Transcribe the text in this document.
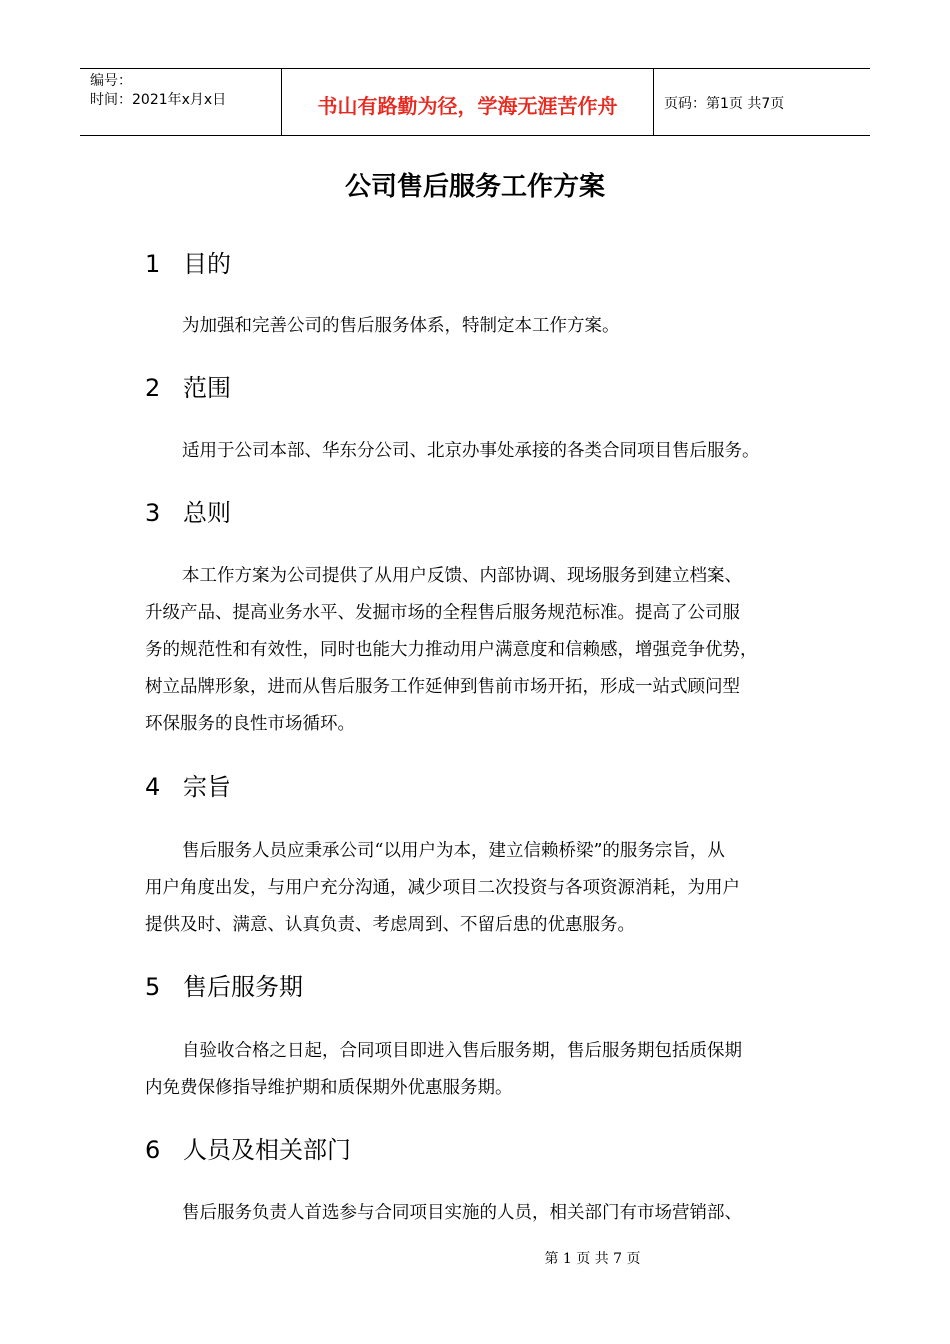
编号：
时间：2021年x月x日	书山有路勤为径，学海无涯苦作舟	页码：第1页 共7页
公司售后服务工作方案
1 目的

为加强和完善公司的售后服务体系，特制定本工作方案。

2 范围

适用于公司本部、华东分公司、北京办事处承接的各类合同项目售后服务。

3 总则

本工作方案为公司提供了从用户反馈、内部协调、现场服务到建立档案、
升级产品、提高业务水平、发掘市场的全程售后服务规范标准。提高了公司服
务的规范性和有效性，同时也能大力推动用户满意度和信赖感，增强竞争优势，
树立品牌形象，进而从售后服务工作延伸到售前市场开拓，形成一站式顾问型
环保服务的良性市场循环。

4 宗旨

售后服务人员应秉承公司“以用户为本，建立信赖桥梁”的服务宗旨，从
用户角度出发，与用户充分沟通，减少项目二次投资与各项资源消耗，为用户
提供及时、满意、认真负责、考虑周到、不留后患的优惠服务。

5 售后服务期

自验收合格之日起，合同项目即进入售后服务期，售后服务期包括质保期
内免费保修指导维护期和质保期外优惠服务期。

6 人员及相关部门

售后服务负责人首选参与合同项目实施的人员，相关部门有市场营销部、

第 1 页 共 7 页
